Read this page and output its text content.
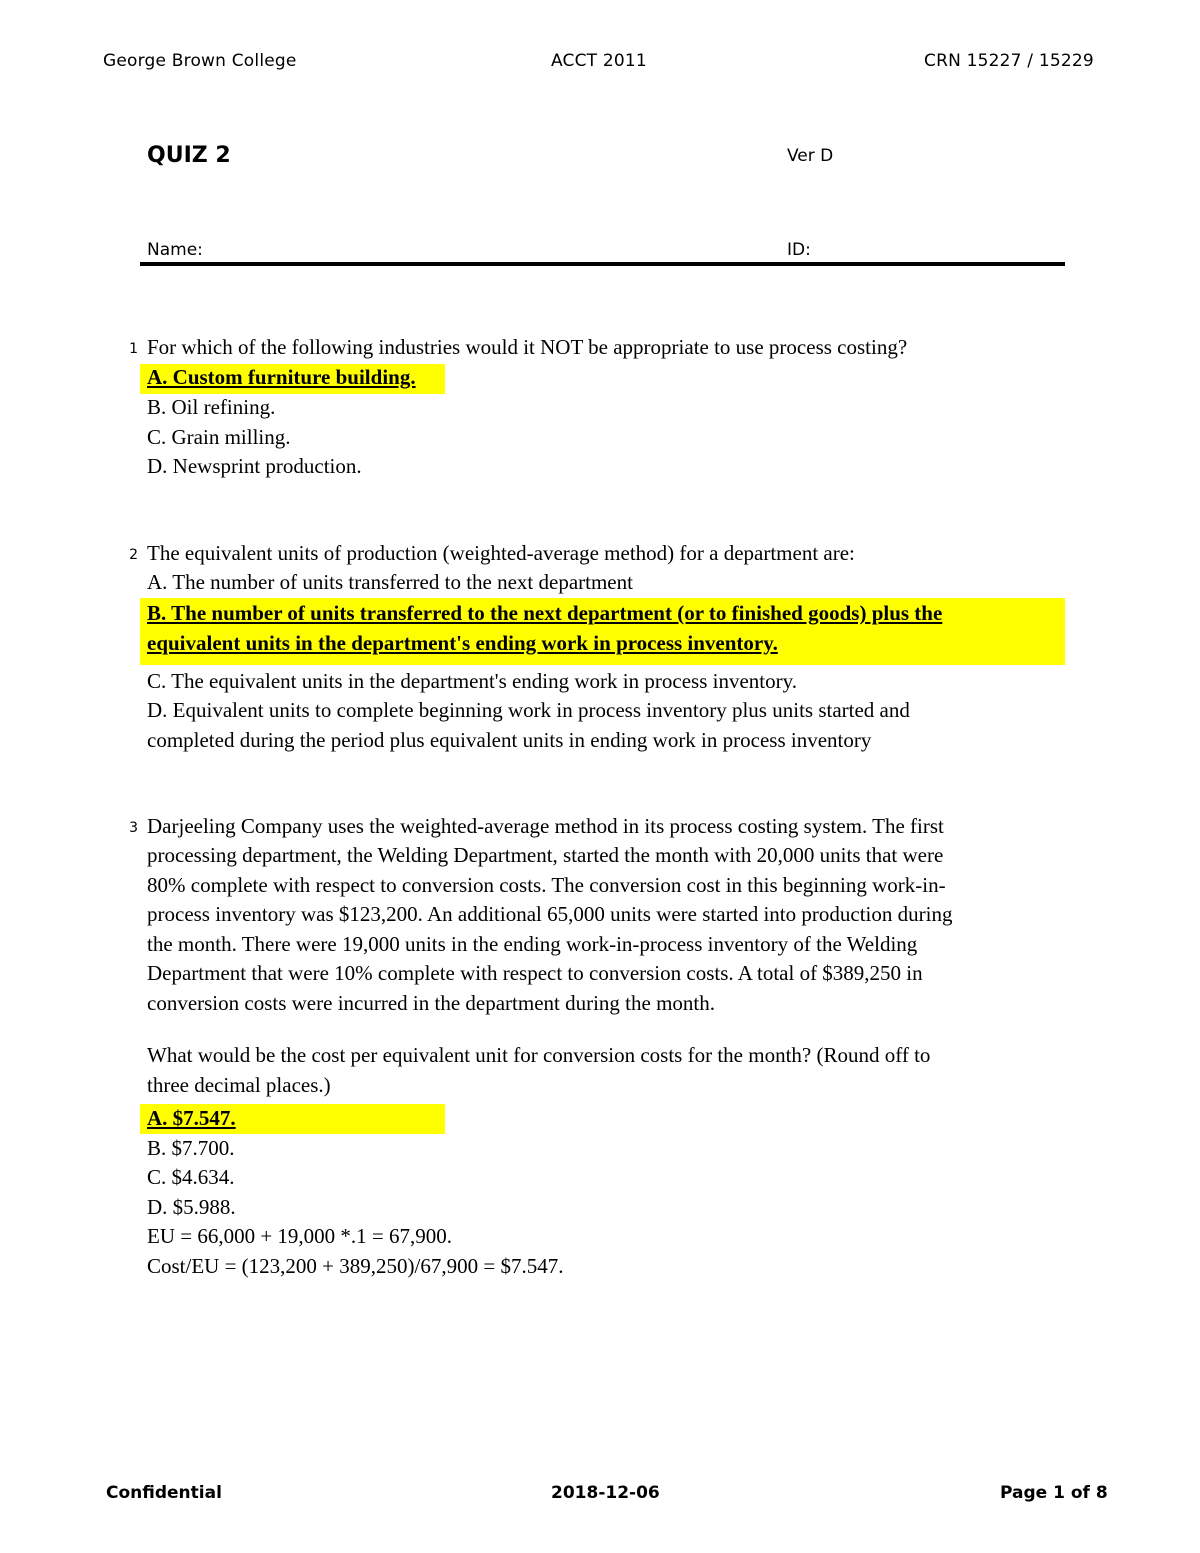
George Brown College	ACCT 2011	CRN 15227 / 15229
QUIZ 2	Ver D
Name:	ID:
1 For which of the following industries would it NOT be appropriate to use process costing?
A. Custom furniture building.
B. Oil refining.
C. Grain milling.
D. Newsprint production.
2 The equivalent units of production (weighted-average method) for a department are:
A. The number of units transferred to the next department
B. The number of units transferred to the next department (or to finished goods) plus the
equivalent units in the department's ending work in process inventory.
C. The equivalent units in the department's ending work in process inventory.
D. Equivalent units to complete beginning work in process inventory plus units started and
completed during the period plus equivalent units in ending work in process inventory
3 Darjeeling Company uses the weighted-average method in its process costing system. The first
processing department, the Welding Department, started the month with 20,000 units that were
80% complete with respect to conversion costs. The conversion cost in this beginning work-in-
process inventory was $123,200. An additional 65,000 units were started into production during
the month. There were 19,000 units in the ending work-in-process inventory of the Welding
Department that were 10% complete with respect to conversion costs. A total of $389,250 in
conversion costs were incurred in the department during the month.
What would be the cost per equivalent unit for conversion costs for the month? (Round off to
three decimal places.)
A. $7.547.
B. $7.700.
C. $4.634.
D. $5.988.
EU = 66,000 + 19,000 *.1 = 67,900.
Cost/EU = (123,200 + 389,250)/67,900 = $7.547.
Confidential	2018-12-06	Page 1 of 8
